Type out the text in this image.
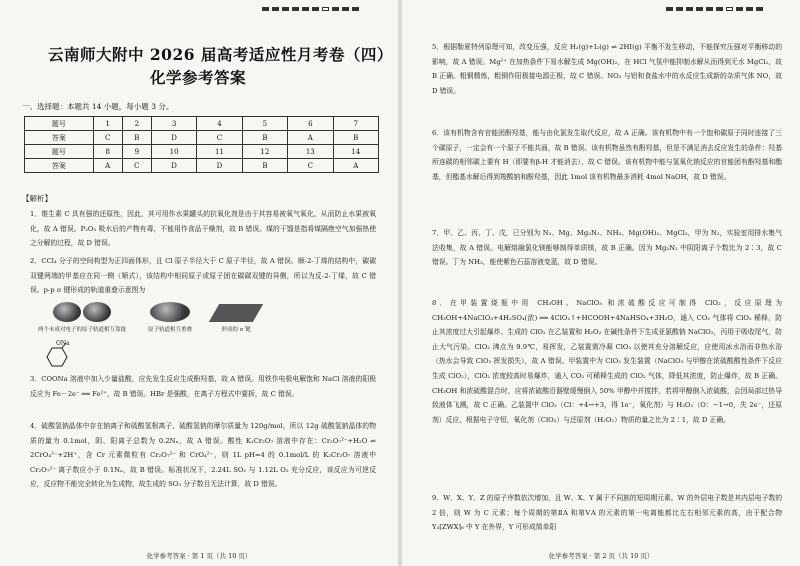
云南师大附中 2026 届高考适应性月考卷（四）
化学参考答案
一、选择题：本题共 14 小题，每小题 3 分。
题号	1	2	3	4	5	6	7
答案	C	B	D	C	B	A	B
题号	8	9	10	11	12	13	14
答案	A	C	D	D	B	C	A
【解析】
1．维生素 C 具有强的还原性，因此，其可用作水果罐头的抗氧化剂是由于其容易被氧气氧化，从而防止水果被氧化，故 A 错误。P₂O₅ 吸水后的产物有毒，不能用作食品干燥剂，故 B 错误。煤的干馏是指将煤隔绝空气加强热使之分解的过程，故 D 错误。
2．CCl₄ 分子的空间构型为正四面体形，且 Cl 原子半径大于 C 原子半径，故 A 错误。顺-2-丁烯的结构中，碳碳双键两端的甲基应在同一侧（顺式），该结构中相同原子或原子团在碳碳双键的异侧，所以为反-2-丁烯，故 C 错误。p-p σ 键形成的轨道重叠示意图为
两个未成对电子的原子轨道相互靠拢	原子轨道相互重叠	形成的 σ 键
ONa
3．COONa 溶液中加入少量盐酸，应先发生反应生成酚羟基，故 A 错误。用铁作电极电解饱和 NaCl 溶液的阳极反应为 Fe－2e⁻ ══ Fe²⁺，故 B 错误。HBr 是强酸，在离子方程式中要拆，故 C 错误。
4．硫酸氢钠晶体中存在钠离子和硫酸氢根离子，硫酸氢钠的摩尔质量为 120g/mol，所以 12g 硫酸氢钠晶体的物质的量为 0.1mol，阴、阳离子总数为 0.2Nₐ，故 A 错误。酸性 K₂Cr₂O₇ 溶液中存在：Cr₂O₇²⁻+H₂O ⇌ 2CrO₄²⁻+2H⁺，含 Cr 元素微粒有 Cr₂O₇²⁻ 和 CrO₄²⁻，则 1L pH=4 的 0.1mol/L 的 K₂Cr₂O₇ 溶液中 Cr₂O₇²⁻ 离子数应小于 0.1Nₐ，故 B 错误。标准状况下，2.24L SO₂ 与 1.12L O₂ 充分反应，该反应为可逆反应，反应物不能完全转化为生成物，故生成的 SO₃ 分子数目无法计算，故 D 错误。
化学参考答案 · 第 1 页（共 10 页）
5．根据勒夏特列原理可知，改变压强，反应 H₂(g)+I₂(g) ⇌ 2HI(g) 平衡不发生移动，不能探究压强对平衡移动的影响，故 A 错误。Mg²⁺ 在加热条件下易水解生成 Mg(OH)₂，在 HCl 气氛中能抑制水解从而得到无水 MgCl₂，故 B 正确。粗铜精炼，粗铜作阳极接电源正极，故 C 错误。NO₂ 与铝和食盐水中的水反应生成新的杂质气体 NO，故 D 错误。
6．该有机物含有官能团酚羟基，能与由化氯发生取代反应，故 A 正确。该有机物中有一个饱和碳原子同时连接了三个碳原子，一定会有一个原子不能共面，故 B 错误。该有机物虽然有酚羟基，但是不满足消去反应发生的条件：羟基所连碳的相邻碳上要有 H（即要有β-H 才能消去），故 C 错误。该有机物中能与氢氧化钠反应的官能团有酚羟基和酯基，但酯基水解后得到羧酸钠和酚羟基，因此 1mol 该有机物最多消耗 4mol NaOH，故 D 错误。
7．甲、乙、丙、丁、戊，已分别为 N₂、Mg、Mg₃N₂、NH₃、Mg(OH)₂、MgCl₂，甲为 N₂，实验室用排水集气法收集，故 A 错误。电解熔融氯化镁能够制得单质镁，故 B 正确。因为 Mg₃N₂ 中阴阳离子个数比为 2∶3，故 C 错误。丁为 NH₃，能使紫色石蕊溶液变蓝，故 D 错误。
8．在甲装置烧瓶中用 CH₃OH、NaClO₃ 和浓硫酸反应可制得 ClO₂，反应原理为 CH₃OH+4NaClO₃+4H₂SO₄(浓) ══ 4ClO₂↑+HCOOH+4NaHSO₄+3H₂O，通入 CO₂ 气体将 ClO₂ 稀释，防止其浓度过大引起爆炸。生成的 ClO₂ 在乙装置和 H₂O₂ 在碱性条件下生成亚氯酸钠 NaClO₂，丙用于吸收尾气，防止大气污染。ClO₂ 沸点为 9.9℃，易挥发，乙装置需冷凝 ClO₂ 以使其充分溶解反应，应使用冰水浴而非热水浴（热水会导致 ClO₂ 挥发损失），故 A 错误。甲装置中为 ClO₂ 发生装置（NaClO₃ 与甲醇在浓硫酸酸性条件下反应生成 ClO₂），ClO₂ 浓度较高时易爆炸，通入 CO₂ 可稀释生成的 ClO₂ 气体，降低其浓度，防止爆炸，故 B 正确。CH₃OH 和浓硫酸混合时，应将浓硫酸沿器壁缓慢倒入 50% 甲醇中并搅拌，若将甲醇倒入浓硫酸，会因局部过热导致液体飞溅，故 C 正确。乙装置中 ClO₂（Cl：+4→+3，得 1e⁻，氧化剂）与 H₂O₂（O：−1→0，失 2e⁻，还原剂）反应，根据电子守恒，氧化剂（ClO₂）与还原剂（H₂O₂）物质的量之比为 2∶1，故 D 正确。
9．W、X、Y、Z 的原子序数依次增加，且 W、X、Y 属于不同族的短周期元素。W 的外层电子数是其内层电子数的 2 倍，则 W 为 C 元素；每个周期的第ⅡA 和第ⅤA 的元素的第一电离能都比左右相邻元素的高，由于配合物 Y₃[ZWX]₆ 中 Y 在外界，Y 可形成简单阳
化学参考答案 · 第 2 页（共 10 页）
